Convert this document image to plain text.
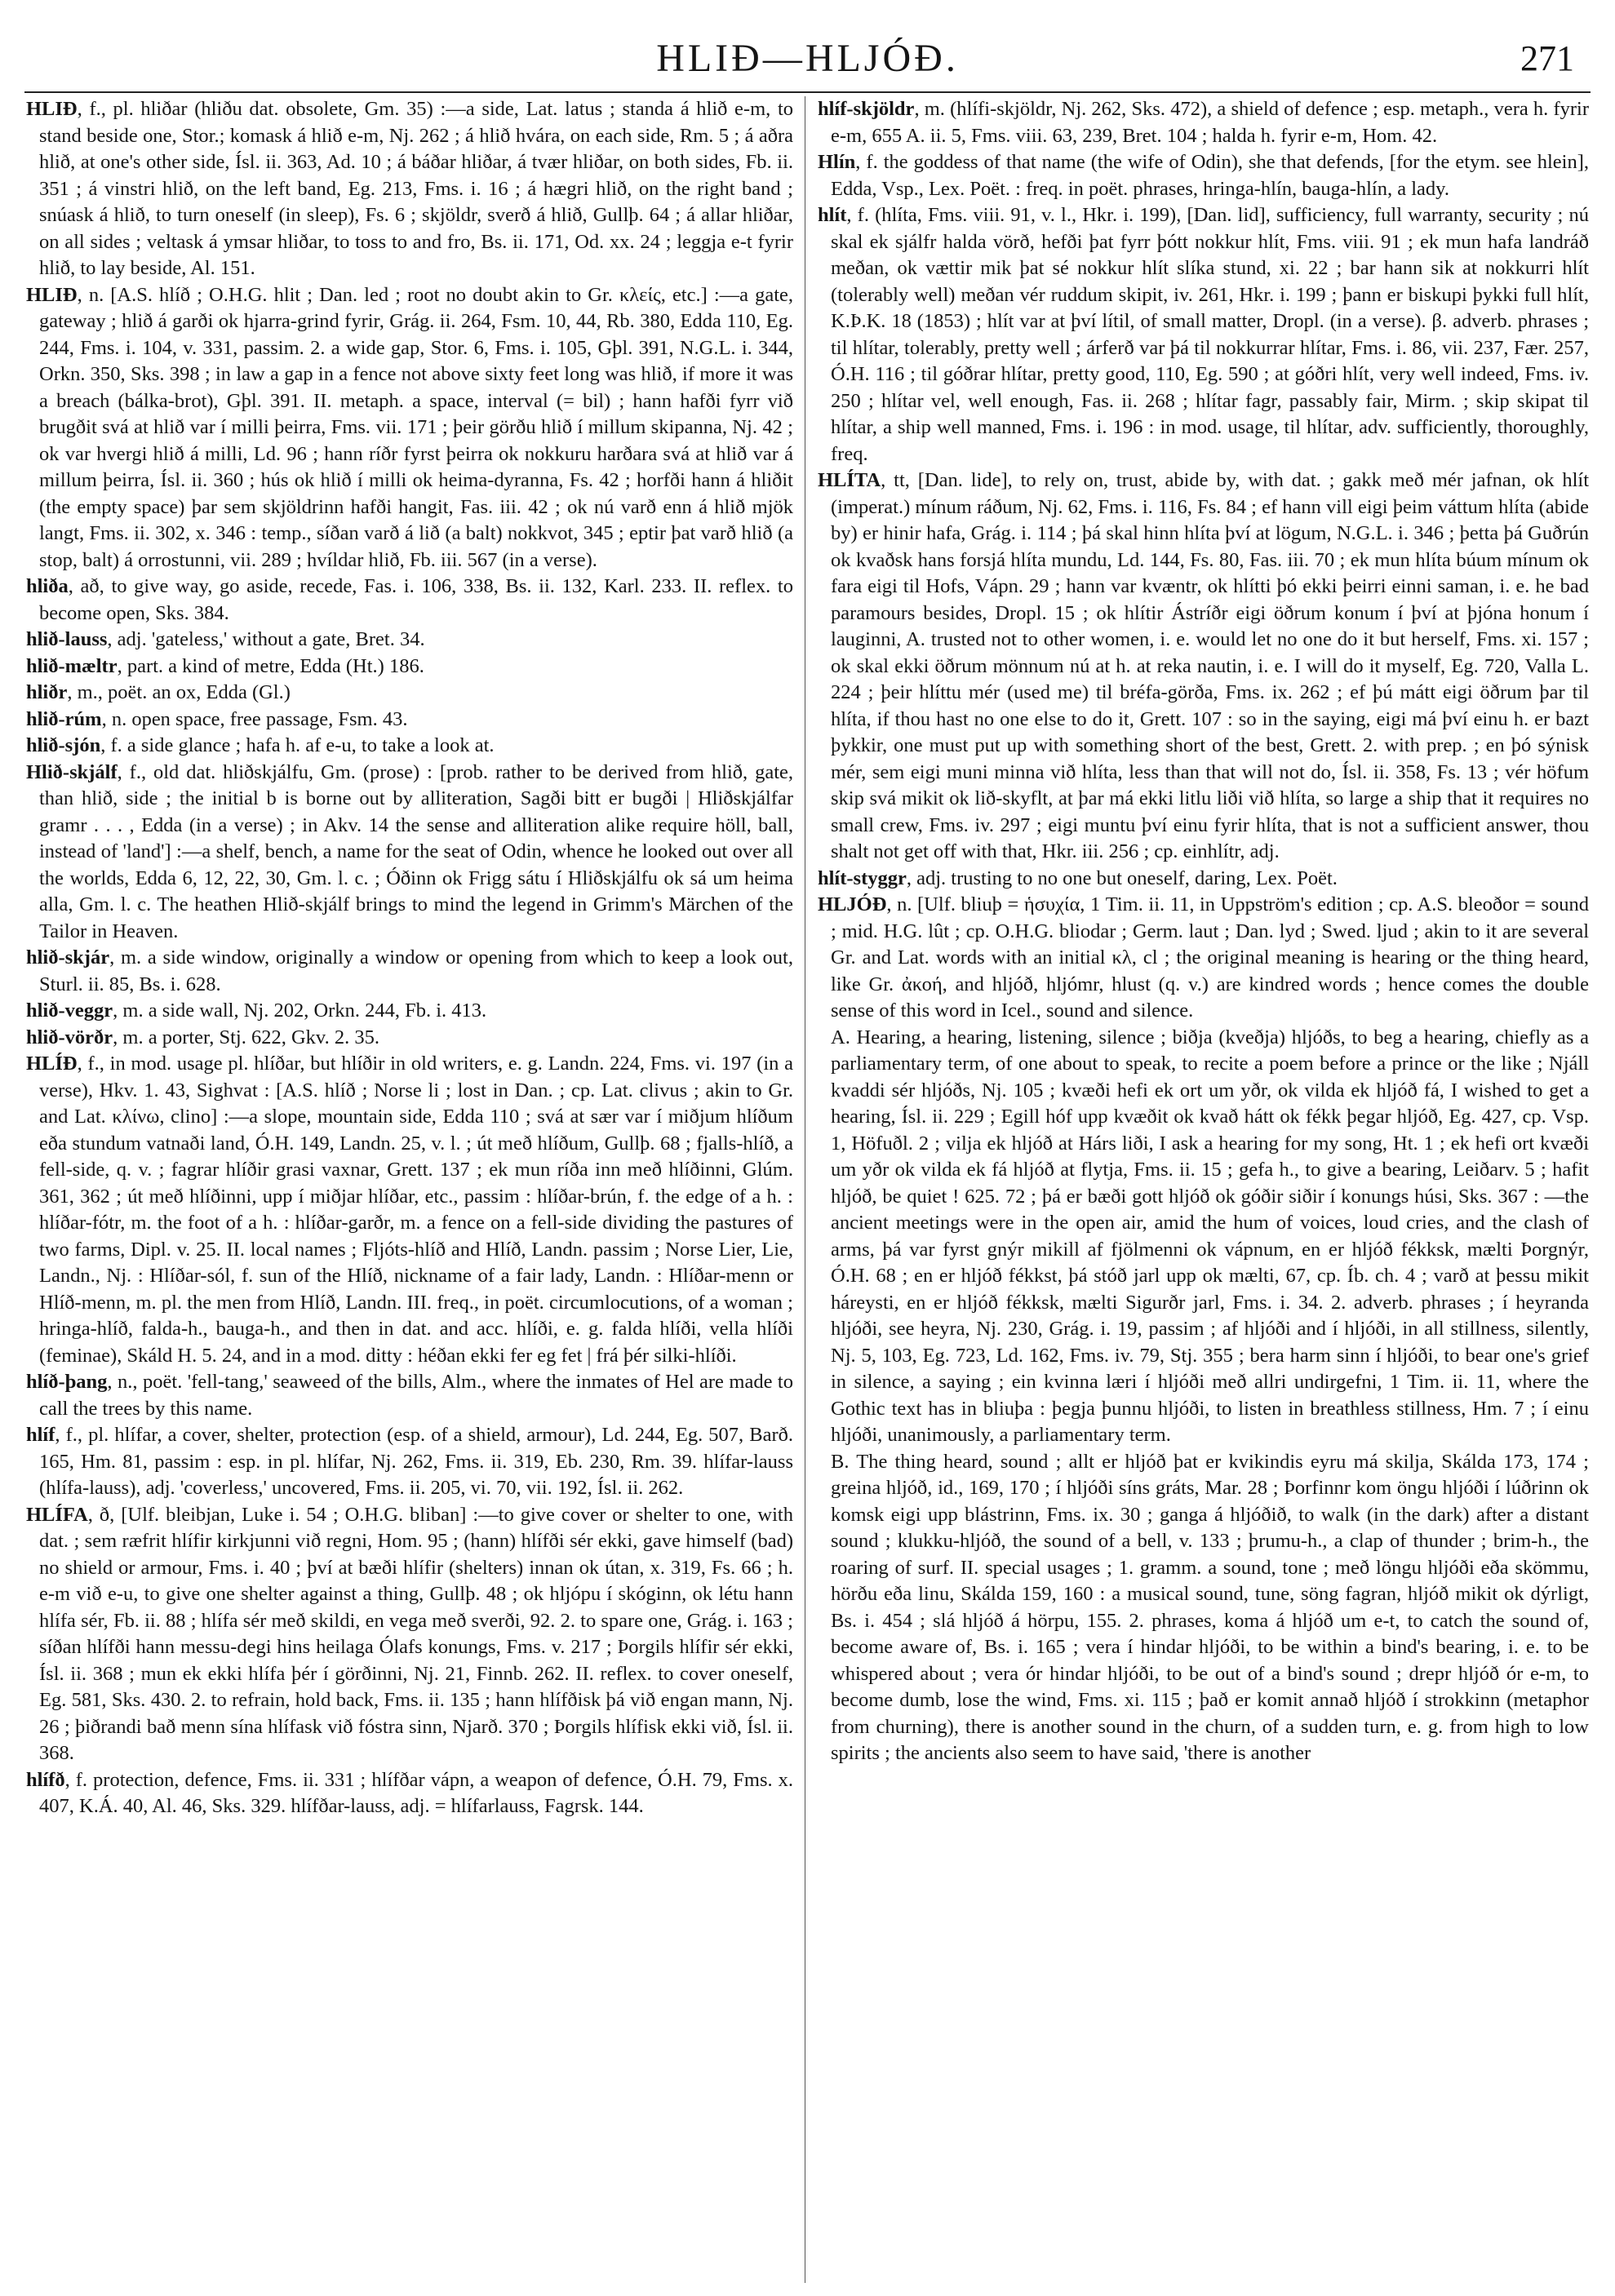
HLIÐ—HLJÓÐ.	271

HLIÐ, f., pl. hliðar (hliðu dat. obsolete, Gm. 35) :—a side, Lat. latus ; standa á hlið e-m, to stand beside one, Stor.; komask á hlið e-m, Nj. 262 ; á hlið hvára, on each side, Rm. 5 ; á aðra hlið, at one's other side, Ísl. ii. 363, Ad. 10 ; á báðar hliðar, á tvær hliðar, on both sides, Fb. ii. 351 ; á vinstri hlið, on the left band, Eg. 213, Fms. i. 16 ; á hægri hlið, on the right band ; snúask á hlið, to turn oneself (in sleep), Fs. 6 ; skjöldr, sverð á hlið, Gullþ. 64 ; á allar hliðar, on all sides ; veltask á ymsar hliðar, to toss to and fro, Bs. ii. 171, Od. xx. 24 ; leggja e-t fyrir hlið, to lay beside, Al. 151.

HLIÐ, n. [A.S. hlíð ; O.H.G. hlit ; Dan. led ; root no doubt akin to Gr. κλείς, etc.] :—a gate, gateway ; hlið á garði ok hjarra-grind fyrir, Grág. ii. 264, Fsm. 10, 44, Rb. 380, Edda 110, Eg. 244, Fms. i. 104, v. 331, passim. 2. a wide gap, Stor. 6, Fms. i. 105, Gþl. 391, N.G.L. i. 344, Orkn. 350, Sks. 398 ; in law a gap in a fence not above sixty feet long was hlið, if more it was a breach (bálka-brot), Gþl. 391. II. metaph. a space, interval (= bil) ; hann hafði fyrr við brugðit svá at hlið var í milli þeirra, Fms. vii. 171 ; þeir görðu hlið í millum skipanna, Nj. 42 ; ok var hvergi hlið á milli, Ld. 96 ; hann ríðr fyrst þeirra ok nokkuru harðara svá at hlið var á millum þeirra, Ísl. ii. 360 ; hús ok hlið í milli ok heima-dyranna, Fs. 42 ; horfði hann á hliðit (the empty space) þar sem skjöldrinn hafði hangit, Fas. iii. 42 ; ok nú varð enn á hlið mjök langt, Fms. ii. 302, x. 346 : temp., síðan varð á lið (a balt) nokkvot, 345 ; eptir þat varð hlið (a stop, balt) á orrostunni, vii. 289 ; hvíldar hlið, Fb. iii. 567 (in a verse).

hliða, að, to give way, go aside, recede, Fas. i. 106, 338, Bs. ii. 132, Karl. 233. II. reflex. to become open, Sks. 384.

hlið-lauss, adj. 'gateless,' without a gate, Bret. 34.

hlið-mæltr, part. a kind of metre, Edda (Ht.) 186.

hliðr, m., poët. an ox, Edda (Gl.)

hlið-rúm, n. open space, free passage, Fsm. 43.

hlið-sjón, f. a side glance ; hafa h. af e-u, to take a look at.

Hlið-skjálf, f., old dat. hliðskjálfu, Gm. (prose) : [prob. rather to be derived from hlið, gate, than hlið, side ; the initial b is borne out by alliteration, Sagði bitt er bugði | Hliðskjálfar gramr . . . , Edda (in a verse) ; in Akv. 14 the sense and alliteration alike require höll, ball, instead of 'land'] :—a shelf, bench, a name for the seat of Odin, whence he looked out over all the worlds, Edda 6, 12, 22, 30, Gm. l. c. ; Óðinn ok Frigg sátu í Hliðskjálfu ok sá um heima alla, Gm. l. c. The heathen Hlið-skjálf brings to mind the legend in Grimm's Märchen of the Tailor in Heaven.

hlið-skjár, m. a side window, originally a window or opening from which to keep a look out, Sturl. ii. 85, Bs. i. 628.

hlið-veggr, m. a side wall, Nj. 202, Orkn. 244, Fb. i. 413.

hlið-vörðr, m. a porter, Stj. 622, Gkv. 2. 35.

HLÍÐ, f., in mod. usage pl. hlíðar, but hlíðir in old writers, e. g. Landn. 224, Fms. vi. 197 (in a verse), Hkv. 1. 43, Sighvat : [A.S. hlíð ; Norse li ; lost in Dan. ; cp. Lat. clivus ; akin to Gr. and Lat. κλίνω, clino] :—a slope, mountain side, Edda 110 ; svá at sær var í miðjum hlíðum eða stundum vatnaði land, Ó.H. 149, Landn. 25, v. l. ; út með hlíðum, Gullþ. 68 ; fjalls-hlíð, a fell-side, q. v. ; fagrar hlíðir grasi vaxnar, Grett. 137 ; ek mun ríða inn með hlíðinni, Glúm. 361, 362 ; út með hlíðinni, upp í miðjar hlíðar, etc., passim : hlíðar-brún, f. the edge of a h. : hlíðar-fótr, m. the foot of a h. : hlíðar-garðr, m. a fence on a fell-side dividing the pastures of two farms, Dipl. v. 25. II. local names ; Fljóts-hlíð and Hlíð, Landn. passim ; Norse Lier, Lie, Landn., Nj. : Hlíðar-sól, f. sun of the Hlíð, nickname of a fair lady, Landn. : Hlíðar-menn or Hlíð-menn, m. pl. the men from Hlíð, Landn. III. freq., in poët. circumlocutions, of a woman ; hringa-hlíð, falda-h., bauga-h., and then in dat. and acc. hlíði, e. g. falda hlíði, vella hlíði (feminae), Skáld H. 5. 24, and in a mod. ditty : héðan ekki fer eg fet | frá þér silki-hlíði.

hlíð-þang, n., poët. 'fell-tang,' seaweed of the bills, Alm., where the inmates of Hel are made to call the trees by this name.

hlíf, f., pl. hlífar, a cover, shelter, protection (esp. of a shield, armour), Ld. 244, Eg. 507, Barð. 165, Hm. 81, passim : esp. in pl. hlífar, Nj. 262, Fms. ii. 319, Eb. 230, Rm. 39. hlífar-lauss (hlífa-lauss), adj. 'coverless,' uncovered, Fms. ii. 205, vi. 70, vii. 192, Ísl. ii. 262.

HLÍFA, ð, [Ulf. bleibjan, Luke i. 54 ; O.H.G. bliban] :—to give cover or shelter to one, with dat. ; sem ræfrit hlífir kirkjunni við regni, Hom. 95 ; (hann) hlífði sér ekki, gave himself (bad) no shield or armour, Fms. i. 40 ; því at bæði hlífir (shelters) innan ok útan, x. 319, Fs. 66 ; h. e-m við e-u, to give one shelter against a thing, Gullþ. 48 ; ok hljópu í skóginn, ok létu hann hlífa sér, Fb. ii. 88 ; hlífa sér með skildi, en vega með sverði, 92. 2. to spare one, Grág. i. 163 ; síðan hlífði hann messu-degi hins heilaga Ólafs konungs, Fms. v. 217 ; Þorgils hlífir sér ekki, Ísl. ii. 368 ; mun ek ekki hlífa þér í görðinni, Nj. 21, Finnb. 262. II. reflex. to cover oneself, Eg. 581, Sks. 430. 2. to refrain, hold back, Fms. ii. 135 ; hann hlífðisk þá við engan mann, Nj. 26 ; þiðrandi bað menn sína hlífask við fóstra sinn, Njarð. 370 ; Þorgils hlífisk ekki við, Ísl. ii. 368.

hlífð, f. protection, defence, Fms. ii. 331 ; hlífðar vápn, a weapon of defence, Ó.H. 79, Fms. x. 407, K.Á. 40, Al. 46, Sks. 329. hlífðar-lauss, adj. = hlífarlauss, Fagrsk. 144.

hlíf-skjöldr, m. (hlífi-skjöldr, Nj. 262, Sks. 472), a shield of defence ; esp. metaph., vera h. fyrir e-m, 655 A. ii. 5, Fms. viii. 63, 239, Bret. 104 ; halda h. fyrir e-m, Hom. 42.

Hlín, f. the goddess of that name (the wife of Odin), she that defends, [for the etym. see hlein], Edda, Vsp., Lex. Poët. : freq. in poët. phrases, hringa-hlín, bauga-hlín, a lady.

hlít, f. (hlíta, Fms. viii. 91, v. l., Hkr. i. 199), [Dan. lid], sufficiency, full warranty, security ; nú skal ek sjálfr halda vörð, hefði þat fyrr þótt nokkur hlít, Fms. viii. 91 ; ek mun hafa landráð meðan, ok vættir mik þat sé nokkur hlít slíka stund, xi. 22 ; bar hann sik at nokkurri hlít (tolerably well) meðan vér ruddum skipit, iv. 261, Hkr. i. 199 ; þann er biskupi þykki full hlít, K.Þ.K. 18 (1853) ; hlít var at því lítil, of small matter, Dropl. (in a verse). β. adverb. phrases ; til hlítar, tolerably, pretty well ; árferð var þá til nokkurrar hlítar, Fms. i. 86, vii. 237, Fær. 257, Ó.H. 116 ; til góðrar hlítar, pretty good, 110, Eg. 590 ; at góðri hlít, very well indeed, Fms. iv. 250 ; hlítar vel, well enough, Fas. ii. 268 ; hlítar fagr, passably fair, Mirm. ; skip skipat til hlítar, a ship well manned, Fms. i. 196 : in mod. usage, til hlítar, adv. sufficiently, thoroughly, freq.

HLÍTA, tt, [Dan. lide], to rely on, trust, abide by, with dat. ; gakk með mér jafnan, ok hlít (imperat.) mínum ráðum, Nj. 62, Fms. i. 116, Fs. 84 ; ef hann vill eigi þeim váttum hlíta (abide by) er hinir hafa, Grág. i. 114 ; þá skal hinn hlíta því at lögum, N.G.L. i. 346 ; þetta þá Guðrún ok kvaðsk hans forsjá hlíta mundu, Ld. 144, Fs. 80, Fas. iii. 70 ; ek mun hlíta búum mínum ok fara eigi til Hofs, Vápn. 29 ; hann var kvæntr, ok hlítti þó ekki þeirri einni saman, i. e. he bad paramours besides, Dropl. 15 ; ok hlítir Ástríðr eigi öðrum konum í því at þjóna honum í lauginni, A. trusted not to other women, i. e. would let no one do it but herself, Fms. xi. 157 ; ok skal ekki öðrum mönnum nú at h. at reka nautin, i. e. I will do it myself, Eg. 720, Valla L. 224 ; þeir hlíttu mér (used me) til bréfa-görða, Fms. ix. 262 ; ef þú mátt eigi öðrum þar til hlíta, if thou hast no one else to do it, Grett. 107 : so in the saying, eigi má því einu h. er bazt þykkir, one must put up with something short of the best, Grett. 2. with prep. ; en þó sýnisk mér, sem eigi muni minna við hlíta, less than that will not do, Ísl. ii. 358, Fs. 13 ; vér höfum skip svá mikit ok lið-skyflt, at þar má ekki litlu liði við hlíta, so large a ship that it requires no small crew, Fms. iv. 297 ; eigi muntu því einu fyrir hlíta, that is not a sufficient answer, thou shalt not get off with that, Hkr. iii. 256 ; cp. einhlítr, adj.

hlít-styggr, adj. trusting to no one but oneself, daring, Lex. Poët.

HLJÓÐ, n. [Ulf. bliuþ = ἡσυχία, 1 Tim. ii. 11, in Uppström's edition ; cp. A.S. bleoðor = sound ; mid. H.G. lût ; cp. O.H.G. bliodar ; Germ. laut ; Dan. lyd ; Swed. ljud ; akin to it are several Gr. and Lat. words with an initial κλ, cl ; the original meaning is hearing or the thing heard, like Gr. ἀκοή, and hljóð, hljómr, hlust (q. v.) are kindred words ; hence comes the double sense of this word in Icel., sound and silence.

A. Hearing, a hearing, listening, silence ; biðja (kveðja) hljóðs, to beg a hearing, chiefly as a parliamentary term, of one about to speak, to recite a poem before a prince or the like ; Njáll kvaddi sér hljóðs, Nj. 105 ; kvæði hefi ek ort um yðr, ok vilda ek hljóð fá, I wished to get a hearing, Ísl. ii. 229 ; Egill hóf upp kvæðit ok kvað hátt ok fékk þegar hljóð, Eg. 427, cp. Vsp. 1, Höfuðl. 2 ; vilja ek hljóð at Hárs liði, I ask a hearing for my song, Ht. 1 ; ek hefi ort kvæði um yðr ok vilda ek fá hljóð at flytja, Fms. ii. 15 ; gefa h., to give a bearing, Leiðarv. 5 ; hafit hljóð, be quiet ! 625. 72 ; þá er bæði gott hljóð ok góðir siðir í konungs húsi, Sks. 367 : —the ancient meetings were in the open air, amid the hum of voices, loud cries, and the clash of arms, þá var fyrst gnýr mikill af fjölmenni ok vápnum, en er hljóð fékksk, mælti Þorgnýr, Ó.H. 68 ; en er hljóð fékkst, þá stóð jarl upp ok mælti, 67, cp. Íb. ch. 4 ; varð at þessu mikit háreysti, en er hljóð fékksk, mælti Sigurðr jarl, Fms. i. 34. 2. adverb. phrases ; í heyranda hljóði, see heyra, Nj. 230, Grág. i. 19, passim ; af hljóði and í hljóði, in all stillness, silently, Nj. 5, 103, Eg. 723, Ld. 162, Fms. iv. 79, Stj. 355 ; bera harm sinn í hljóði, to bear one's grief in silence, a saying ; ein kvinna læri í hljóði með allri undirgefni, 1 Tim. ii. 11, where the Gothic text has in bliuþa : þegja þunnu hljóði, to listen in breathless stillness, Hm. 7 ; í einu hljóði, unanimously, a parliamentary term.

B. The thing heard, sound ; allt er hljóð þat er kvikindis eyru má skilja, Skálda 173, 174 ; greina hljóð, id., 169, 170 ; í hljóði síns gráts, Mar. 28 ; Þorfinnr kom öngu hljóði í lúðrinn ok komsk eigi upp blástrinn, Fms. ix. 30 ; ganga á hljóðið, to walk (in the dark) after a distant sound ; klukku-hljóð, the sound of a bell, v. 133 ; þrumu-h., a clap of thunder ; brim-h., the roaring of surf. II. special usages ; 1. gramm. a sound, tone ; með löngu hljóði eða skömmu, hörðu eða linu, Skálda 159, 160 : a musical sound, tune, söng fagran, hljóð mikit ok dýrligt, Bs. i. 454 ; slá hljóð á hörpu, 155. 2. phrases, koma á hljóð um e-t, to catch the sound of, become aware of, Bs. i. 165 ; vera í hindar hljóði, to be within a bind's bearing, i. e. to be whispered about ; vera ór hindar hljóði, to be out of a bind's sound ; drepr hljóð ór e-m, to become dumb, lose the wind, Fms. xi. 115 ; það er komit annað hljóð í strokkinn (metaphor from churning), there is another sound in the churn, of a sudden turn, e. g. from high to low spirits ; the ancients also seem to have said, 'there is another
